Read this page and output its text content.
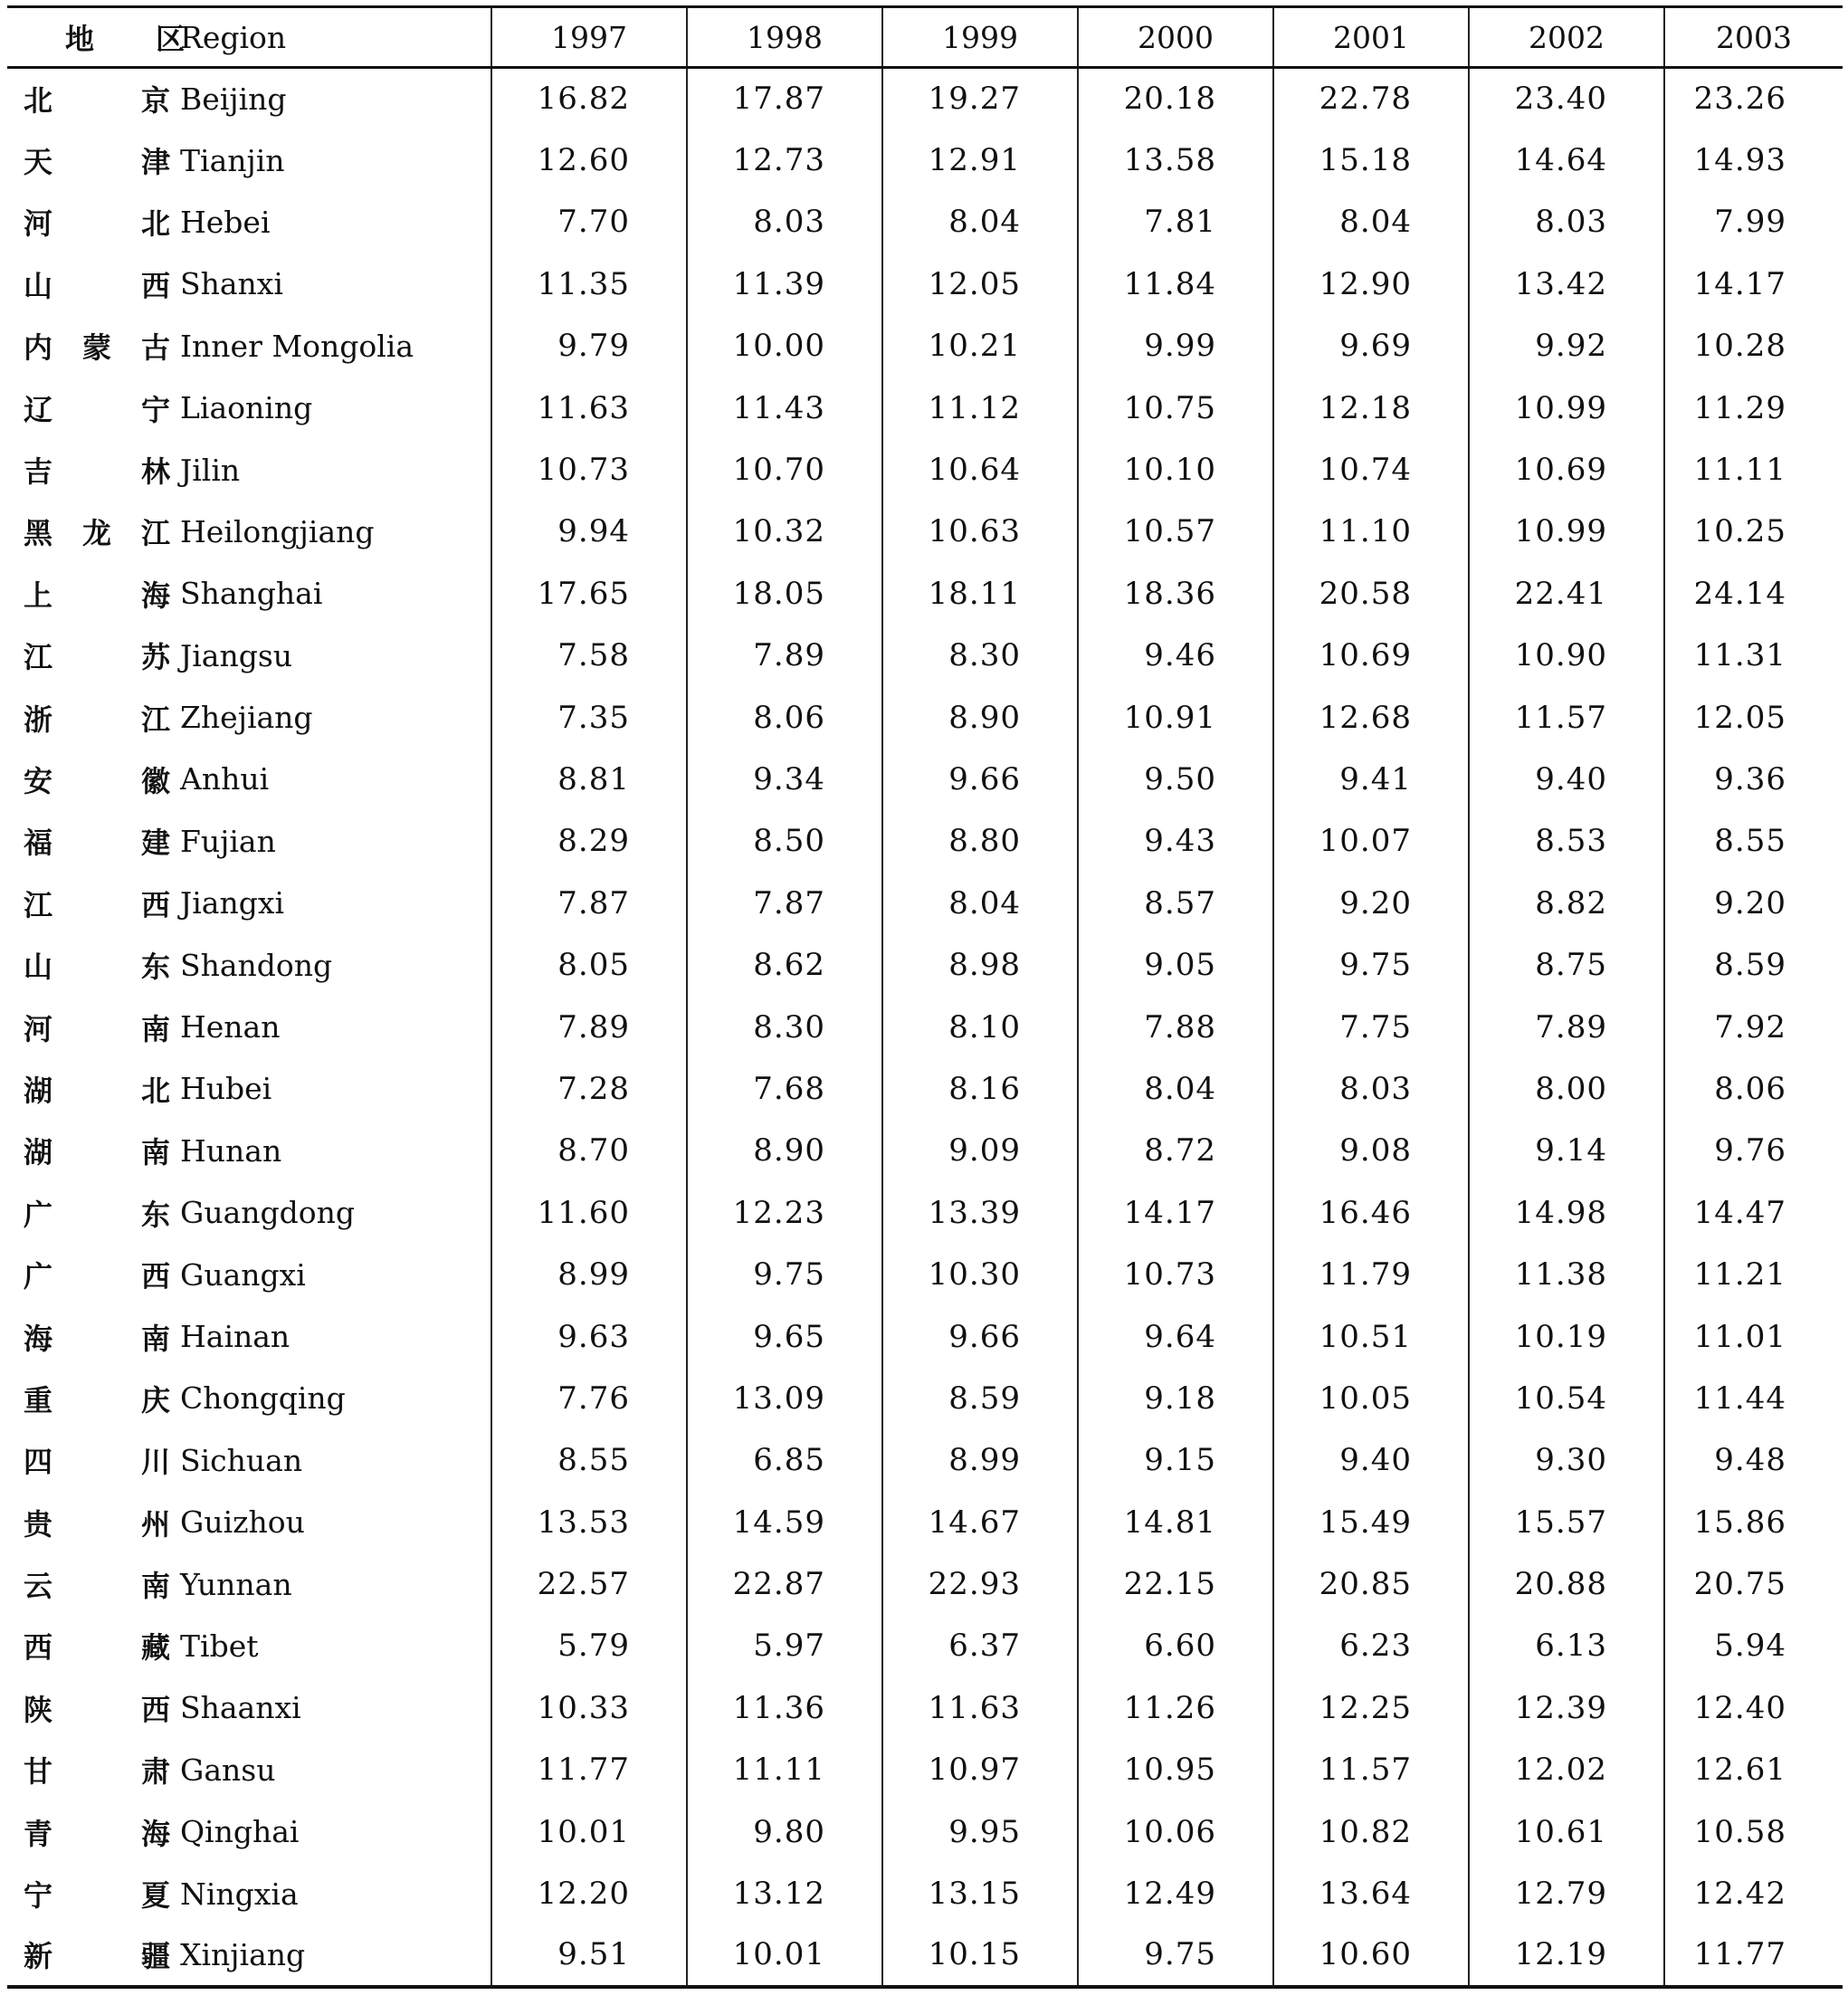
地 区	Region	1997	1998	1999	2000	2001	2002	2003
北 京	Beijing	16.82	17.87	19.27	20.18	22.78	23.40	23.26
天 津	Tianjin	12.60	12.73	12.91	13.58	15.18	14.64	14.93
河 北	Hebei	7.70	8.03	8.04	7.81	8.04	8.03	7.99
山 西	Shanxi	11.35	11.39	12.05	11.84	12.90	13.42	14.17
内 蒙 古	Inner Mongolia	9.79	10.00	10.21	9.99	9.69	9.92	10.28
辽 宁	Liaoning	11.63	11.43	11.12	10.75	12.18	10.99	11.29
吉 林	Jilin	10.73	10.70	10.64	10.10	10.74	10.69	11.11
黑 龙 江	Heilongjiang	9.94	10.32	10.63	10.57	11.10	10.99	10.25
上 海	Shanghai	17.65	18.05	18.11	18.36	20.58	22.41	24.14
江 苏	Jiangsu	7.58	7.89	8.30	9.46	10.69	10.90	11.31
浙 江	Zhejiang	7.35	8.06	8.90	10.91	12.68	11.57	12.05
安 徽	Anhui	8.81	9.34	9.66	9.50	9.41	9.40	9.36
福 建	Fujian	8.29	8.50	8.80	9.43	10.07	8.53	8.55
江 西	Jiangxi	7.87	7.87	8.04	8.57	9.20	8.82	9.20
山 东	Shandong	8.05	8.62	8.98	9.05	9.75	8.75	8.59
河 南	Henan	7.89	8.30	8.10	7.88	7.75	7.89	7.92
湖 北	Hubei	7.28	7.68	8.16	8.04	8.03	8.00	8.06
湖 南	Hunan	8.70	8.90	9.09	8.72	9.08	9.14	9.76
广 东	Guangdong	11.60	12.23	13.39	14.17	16.46	14.98	14.47
广 西	Guangxi	8.99	9.75	10.30	10.73	11.79	11.38	11.21
海 南	Hainan	9.63	9.65	9.66	9.64	10.51	10.19	11.01
重 庆	Chongqing	7.76	13.09	8.59	9.18	10.05	10.54	11.44
四 川	Sichuan	8.55	6.85	8.99	9.15	9.40	9.30	9.48
贵 州	Guizhou	13.53	14.59	14.67	14.81	15.49	15.57	15.86
云 南	Yunnan	22.57	22.87	22.93	22.15	20.85	20.88	20.75
西 藏	Tibet	5.79	5.97	6.37	6.60	6.23	6.13	5.94
陕 西	Shaanxi	10.33	11.36	11.63	11.26	12.25	12.39	12.40
甘 肃	Gansu	11.77	11.11	10.97	10.95	11.57	12.02	12.61
青 海	Qinghai	10.01	9.80	9.95	10.06	10.82	10.61	10.58
宁 夏	Ningxia	12.20	13.12	13.15	12.49	13.64	12.79	12.42
新 疆	Xinjiang	9.51	10.01	10.15	9.75	10.60	12.19	11.77
